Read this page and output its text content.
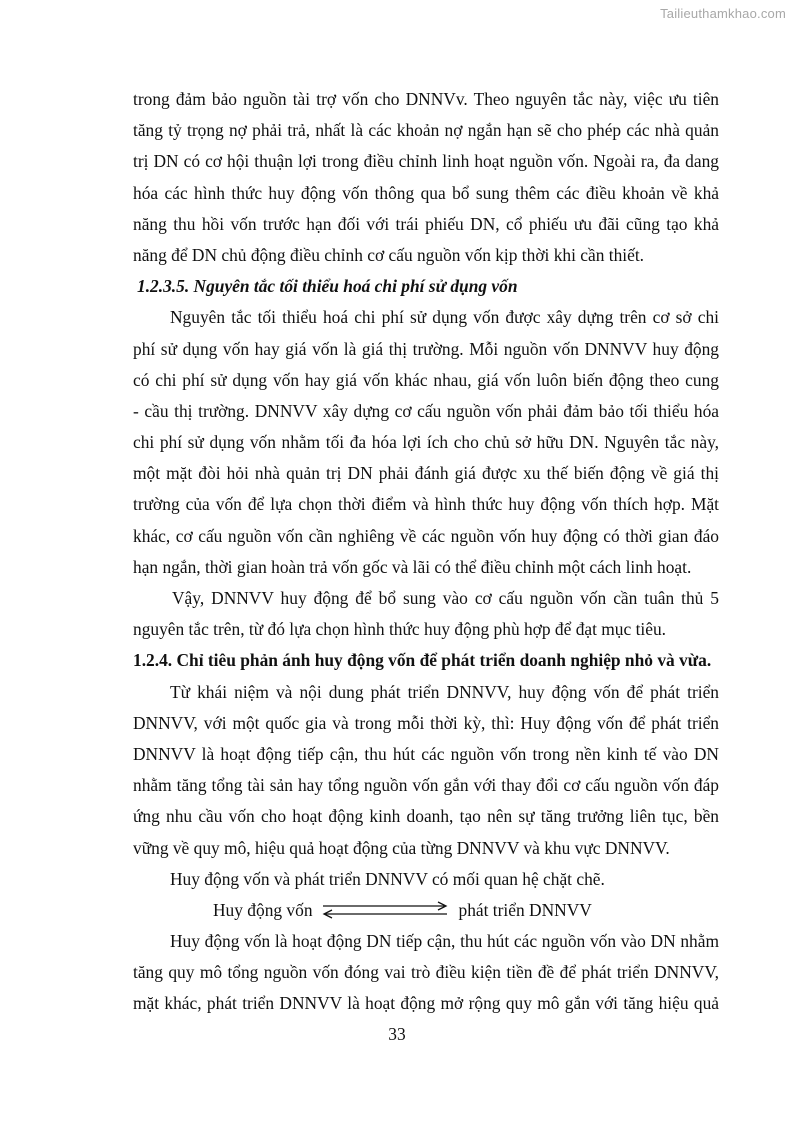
Tailieuthamkhao.com
trong đảm bảo nguồn tài trợ vốn cho DNNVv. Theo nguyên tắc này, việc ưu tiên
tăng tỷ trọng nợ phải trả, nhất là các khoản nợ ngắn hạn sẽ cho phép các nhà quản
trị DN có cơ hội thuận lợi trong điều chỉnh linh hoạt nguồn vốn. Ngoài ra, đa dang
hóa các hình thức huy động vốn thông qua bổ sung thêm các điều khoản về khả
năng thu hồi vốn trước hạn đối với trái phiếu DN, cổ phiếu ưu đãi cũng tạo khả
năng để DN chủ động điều chỉnh cơ cấu nguồn vốn kịp thời khi cần thiết.
1.2.3.5. Nguyên tắc tối thiểu hoá chi phí sử dụng vốn
Nguyên tắc tối thiểu hoá chi phí sử dụng vốn được xây dựng trên cơ sở chi
phí sử dụng vốn hay giá vốn là giá thị trường. Mỗi nguồn vốn DNNVV huy động
có chi phí sử dụng vốn hay giá vốn khác nhau, giá vốn luôn biến động theo cung
- cầu thị trường. DNNVV xây dựng cơ cấu nguồn vốn phải đảm bảo tối thiểu hóa
chi phí sử dụng vốn nhằm tối đa hóa lợi ích cho chủ sở hữu DN. Nguyên tắc này,
một mặt đòi hỏi nhà quản trị DN phải đánh giá được xu thế biến động về giá thị
trường của vốn để lựa chọn thời điểm và hình thức huy động vốn thích hợp. Mặt
khác, cơ cấu nguồn vốn cần nghiêng về các nguồn vốn huy động có thời gian đáo
hạn ngắn, thời gian hoàn trả vốn gốc và lãi có thể điều chỉnh một cách linh hoạt.
Vậy, DNNVV huy động để bổ sung vào cơ cấu nguồn vốn cần tuân thủ 5
nguyên tắc trên, từ đó lựa chọn hình thức huy động phù hợp để đạt mục tiêu.
1.2.4. Chỉ tiêu phản ánh huy động vốn để phát triển doanh nghiệp nhỏ và vừa.
Từ khái niệm và nội dung phát triển DNNVV, huy động vốn để phát triển
DNNVV, với một quốc gia và trong mỗi thời kỳ, thì: Huy động vốn để phát triển
DNNVV là hoạt động tiếp cận, thu hút các nguồn vốn trong nền kinh tế vào DN
nhằm tăng tổng tài sản hay tổng nguồn vốn gắn với thay đổi cơ cấu nguồn vốn đáp
ứng nhu cầu vốn cho hoạt động kinh doanh, tạo nên sự tăng trưởng liên tục, bền
vững về quy mô, hiệu quả hoạt động của từng DNNVV và khu vực DNNVV.
Huy động vốn và phát triển DNNVV có mối quan hệ chặt chẽ.
Huy động vốn	phát triển DNNVV
Huy động vốn là hoạt động DN tiếp cận, thu hút các nguồn vốn vào DN nhằm
tăng quy mô tổng nguồn vốn đóng vai trò điều kiện tiền đề để phát triển DNNVV,
mặt khác, phát triển DNNVV là hoạt động mở rộng quy mô gắn với tăng hiệu quả
33
